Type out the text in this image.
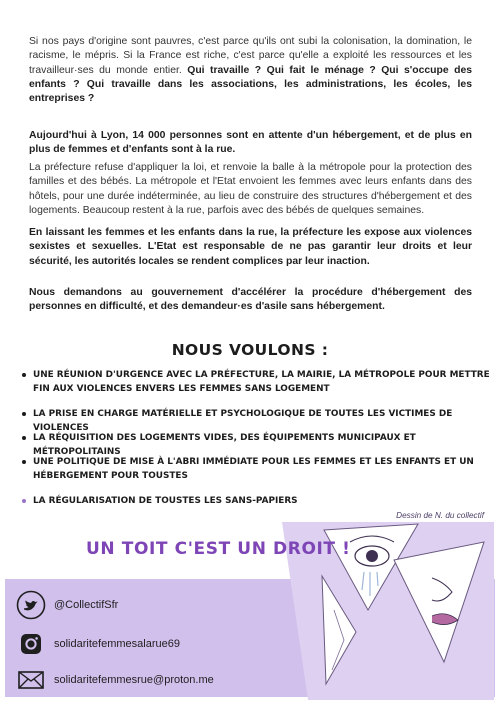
Si nos pays d'origine sont pauvres, c'est parce qu'ils ont subi la colonisation, la domination, le racisme, le mépris. Si la France est riche, c'est parce qu'elle a exploité les ressources et les travailleur·ses du monde entier. Qui travaille ? Qui fait le ménage ? Qui s'occupe des enfants ? Qui travaille dans les associations, les administrations, les écoles, les entreprises ?

Aujourd'hui à Lyon, 14 000 personnes sont en attente d'un hébergement, et de plus en plus de femmes et d'enfants sont à la rue.

La préfecture refuse d'appliquer la loi, et renvoie la balle à la métropole pour la protection des familles et des bébés. La métropole et l'Etat envoient les femmes avec leurs enfants dans des hôtels, pour une durée indéterminée, au lieu de construire des structures d'hébergement et des logements. Beaucoup restent à la rue, parfois avec des bébés de quelques semaines.

En laissant les femmes et les enfants dans la rue, la préfecture les expose aux violences sexistes et sexuelles. L'Etat est responsable de ne pas garantir leur droits et leur sécurité, les autorités locales se rendent complices par leur inaction.

Nous demandons au gouvernement d'accélérer la procédure d'hébergement des personnes en difficulté, et des demandeur·es d'asile sans hébergement.

NOUS VOULONS :
UNE RÉUNION D'URGENCE AVEC LA PRÉFECTURE, LA MAIRIE, LA MÉTROPOLE POUR METTRE FIN AUX VIOLENCES ENVERS LES FEMMES SANS LOGEMENT
LA PRISE EN CHARGE MATÉRIELLE ET PSYCHOLOGIQUE DE TOUTES LES VICTIMES DE VIOLENCES
LA RÉQUISITION DES LOGEMENTS VIDES, DES ÉQUIPEMENTS MUNICIPAUX ET MÉTROPOLITAINS
UNE POLITIQUE DE MISE À L'ABRI IMMÉDIATE POUR LES FEMMES ET LES ENFANTS ET UN HÉBERGEMENT POUR TOUSTES
LA RÉGULARISATION DE TOUSTES LES SANS-PAPIERS
Dessin de N. du collectif
UN TOIT C'EST UN DROIT !
@CollectifSfr
solidaritefemmesalarue69
solidaritefemmesrue@proton.me
